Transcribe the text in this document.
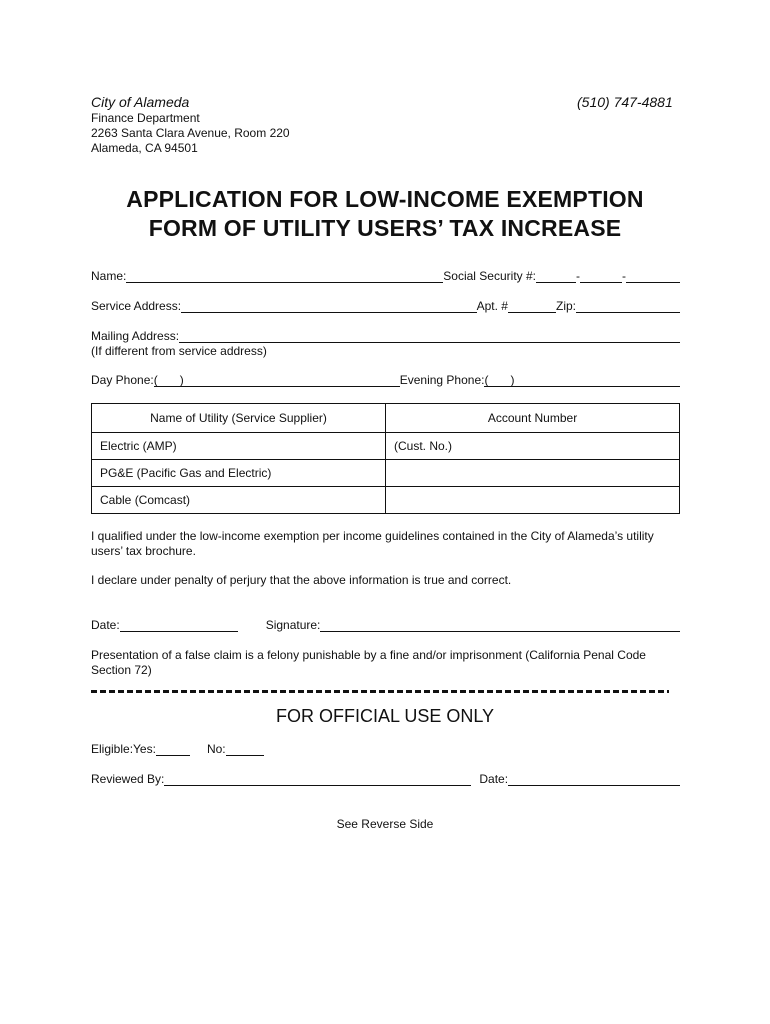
City of Alameda	(510) 747-4881
Finance Department
2263 Santa Clara Avenue, Room 220
Alameda, CA 94501
APPLICATION FOR LOW-INCOME EXEMPTION
FORM OF UTILITY USERS’ TAX INCREASE
Name:	Social Security #:	-	-
Service Address:	Apt. #	Zip:
Mailing Address:
(If different from service address)
Day Phone: ( )	Evening Phone: ( )
Name of Utility (Service Supplier)	Account Number
Electric (AMP)	(Cust. No.)
PG&E (Pacific Gas and Electric)	
Cable (Comcast)	
I qualified under the low-income exemption per income guidelines contained in the City of Alameda’s utility
users’ tax brochure.
I declare under penalty of perjury that the above information is true and correct.
Date:	Signature:
Presentation of a false claim is a felony punishable by a fine and/or imprisonment (California Penal Code
Section 72)
FOR OFFICIAL USE ONLY
Eligible: Yes:	No:
Reviewed By:	Date:
See Reverse Side
